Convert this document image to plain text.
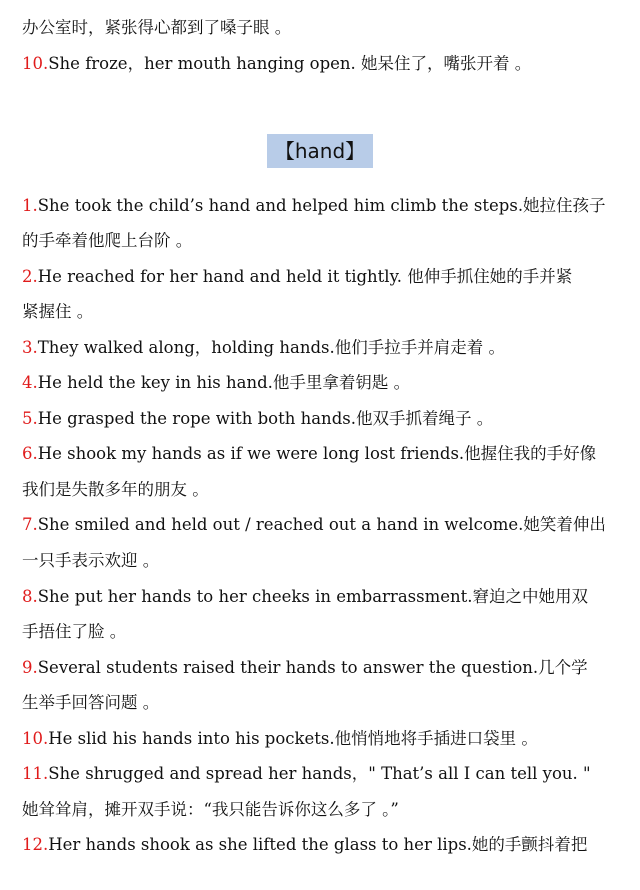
办公室时，紧张得心都到了嗓子眼 。
10.She froze，her mouth hanging open. 她呆住了，嘴张开着 。
【hand】
1.She took the child’s hand and helped him climb the steps.她拉住孩子
的手牵着他爬上台阶 。
2.He reached for her hand and held it tightly. 他伸手抓住她的手并紧
紧握住 。
3.They walked along，holding hands.他们手拉手并肩走着 。
4.He held the key in his hand.他手里拿着钥匙 。
5.He grasped the rope with both hands.他双手抓着绳子 。
6.He shook my hands as if we were long lost friends.他握住我的手好像
我们是失散多年的朋友 。
7.She smiled and held out / reached out a hand in welcome.她笑着伸出
一只手表示欢迎 。
8.She put her hands to her cheeks in embarrassment.窘迫之中她用双
手捂住了脸 。
9.Several students raised their hands to answer the question.几个学
生举手回答问题 。
10.He slid his hands into his pockets.他悄悄地将手插进口袋里 。
11.She shrugged and spread her hands，" That’s all I can tell you. "
她耸耸肩，摊开双手说：“我只能告诉你这么多了 。”
12.Her hands shook as she lifted the glass to her lips.她的手颤抖着把
